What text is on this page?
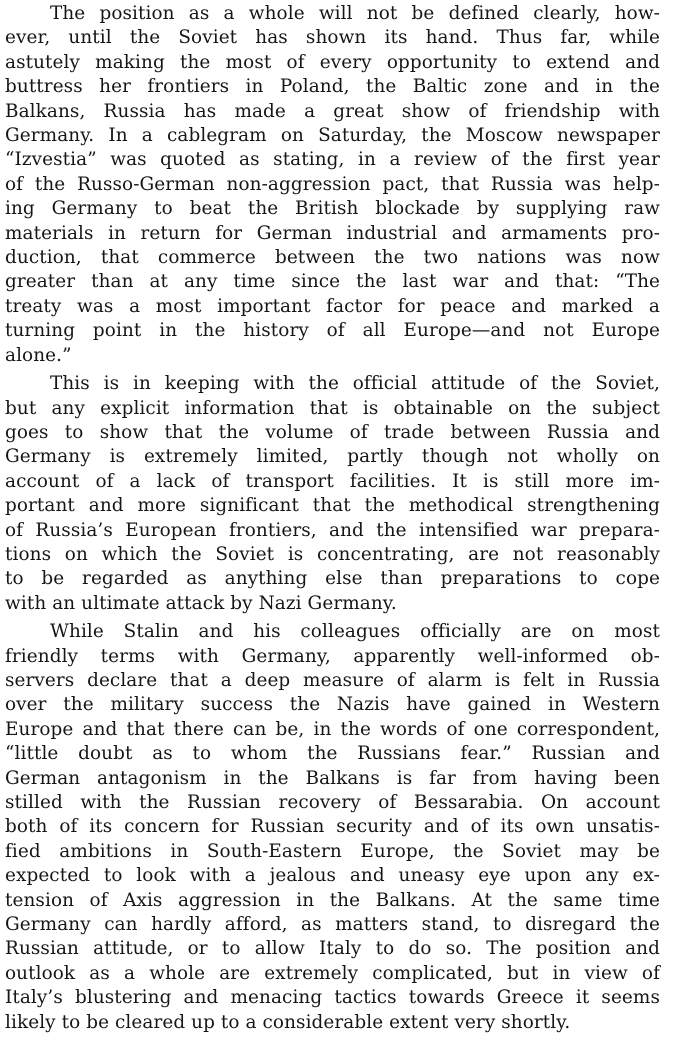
The position as a whole will not be defined clearly, how-
ever, until the Soviet has shown its hand. Thus far, while
astutely making the most of every opportunity to extend and
buttress her frontiers in Poland, the Baltic zone and in the
Balkans, Russia has made a great show of friendship with
Germany. In a cablegram on Saturday, the Moscow newspaper
“Izvestia” was quoted as stating, in a review of the first year
of the Russo-German non-aggression pact, that Russia was help-
ing Germany to beat the British blockade by supplying raw
materials in return for German industrial and armaments pro-
duction, that commerce between the two nations was now
greater than at any time since the last war and that: “The
treaty was a most important factor for peace and marked a
turning point in the history of all Europe—and not Europe
alone.”

This is in keeping with the official attitude of the Soviet,
but any explicit information that is obtainable on the subject
goes to show that the volume of trade between Russia and
Germany is extremely limited, partly though not wholly on
account of a lack of transport facilities. It is still more im-
portant and more significant that the methodical strengthening
of Russia’s European frontiers, and the intensified war prepara-
tions on which the Soviet is concentrating, are not reasonably
to be regarded as anything else than preparations to cope
with an ultimate attack by Nazi Germany.

While Stalin and his colleagues officially are on most
friendly terms with Germany, apparently well-informed ob-
servers declare that a deep measure of alarm is felt in Russia
over the military success the Nazis have gained in Western
Europe and that there can be, in the words of one correspondent,
“little doubt as to whom the Russians fear.” Russian and
German antagonism in the Balkans is far from having been
stilled with the Russian recovery of Bessarabia. On account
both of its concern for Russian security and of its own unsatis-
fied ambitions in South-Eastern Europe, the Soviet may be
expected to look with a jealous and uneasy eye upon any ex-
tension of Axis aggression in the Balkans. At the same time
Germany can hardly afford, as matters stand, to disregard the
Russian attitude, or to allow Italy to do so. The position and
outlook as a whole are extremely complicated, but in view of
Italy’s blustering and menacing tactics towards Greece it seems
likely to be cleared up to a considerable extent very shortly.
